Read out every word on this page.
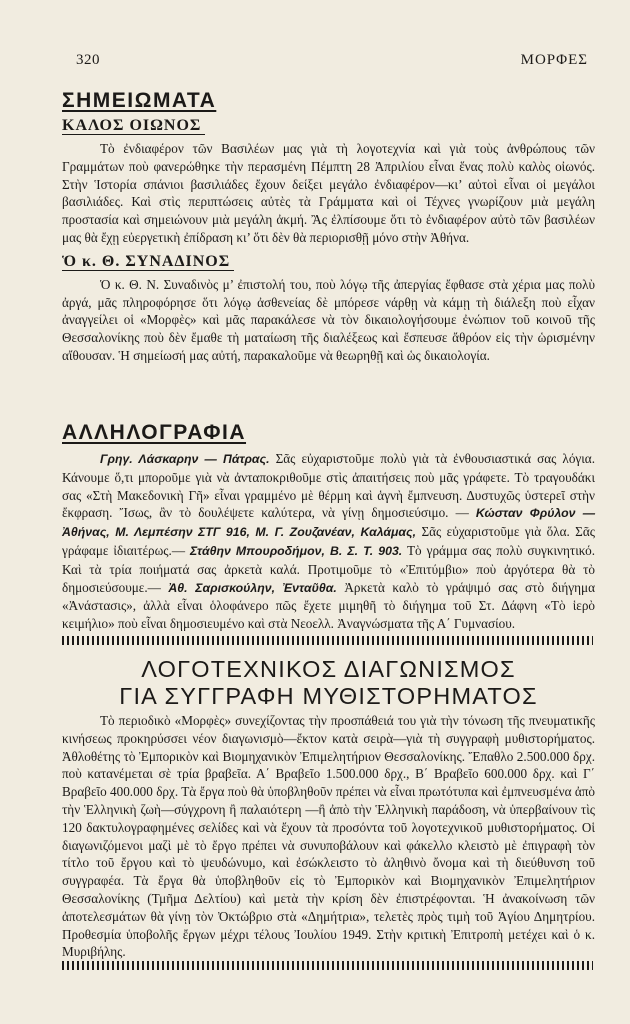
320	ΜΟΡΦΕΣ
ΣΗΜΕΙΩΜΑΤΑ
ΚΑΛΟΣ ΟΙΩΝΟΣ

Τὸ ἐνδιαφέρον τῶν Βασιλέων μας γιὰ τὴ λογοτεχνία καὶ γιὰ τοὺς ἀνθρώπους τῶν Γραμμάτων ποὺ φανερώθηκε τὴν περασμένη Πέμπτη 28 Ἀπριλίου εἶναι ἕνας πολὺ καλὸς οἰωνός. Στὴν Ἱστορία σπάνιοι βασιλιάδες ἔχουν δείξει μεγάλο ἐνδιαφέρον—κι’ αὐτοὶ εἶναι οἱ μεγάλοι βασιλιάδες. Καὶ στὶς περιπτώσεις αὐτὲς τὰ Γράμματα καὶ οἱ Τέχνες γνωρίζουν μιὰ μεγάλη προστασία καὶ σημειώνουν μιὰ μεγάλη ἀκμή. Ἂς ἐλπίσουμε ὅτι τὸ ἐνδιαφέρον αὐτὸ τῶν βασιλέων μας θὰ ἔχῃ εὐεργετικὴ ἐπίδραση κι’ ὅτι δὲν θὰ περιορισθῇ μόνο στὴν Ἀθήνα.

Ὁ κ. Θ. ΣΥΝΑΔΙΝΟΣ

Ὁ κ. Θ. Ν. Συναδινὸς μ’ ἐπιστολή του, ποὺ λόγῳ τῆς ἀπεργίας ἔφθασε στὰ χέρια μας πολὺ ἀργά, μᾶς πληροφόρησε ὅτι λόγῳ ἀσθενείας δὲ μπόρεσε νάρθῃ νὰ κάμῃ τὴ διάλεξη ποὺ εἶχαν ἀναγγείλει οἱ «Μορφὲς» καὶ μᾶς παρακάλεσε νὰ τὸν δικαιολογήσουμε ἐνώπιον τοῦ κοινοῦ τῆς Θεσσαλονίκης ποὺ δὲν ἔμαθε τὴ ματαίωση τῆς διαλέξεως καὶ ἔσπευσε ἄθρόον εἰς τὴν ὡρισμένην αἴθουσαν. Ἡ σημείωσή μας αὐτή, παρακαλοῦμε νὰ θεωρηθῇ καὶ ὡς δικαιολογία.

ΑΛΛΗΛΟΓΡΑΦΙΑ

Γρηγ. Λάσκαρην — Πάτρας. Σᾶς εὐχαριστοῦμε πολὺ γιὰ τὰ ἐνθουσιαστικά σας λόγια. Κάνουμε ὅ,τι μποροῦμε γιὰ νὰ ἀνταποκριθοῦμε στὶς ἀπαιτήσεις ποὺ μᾶς γράφετε. Τὸ τραγουδάκι σας «Στὴ Μακεδονικὴ Γῆ» εἶναι γραμμένο μὲ θέρμη καὶ ἁγνὴ ἔμπνευση. Δυστυχῶς ὑστερεῖ στὴν ἔκφραση. Ἴσως, ἂν τὸ δουλέψετε καλύτερα, νὰ γίνῃ δημοσιεύσιμο. — Κώσταν Φρύλον — Ἀθήνας, Μ. Λεμπέσην ΣΤΓ 916, Μ. Γ. Ζουζανέαν, Καλάμας, Σᾶς εὐχαριστοῦμε γιὰ ὅλα. Σᾶς γράφαμε ἰδιαιτέρως.— Στάθην Μπουροδήμον, Β. Σ. Τ. 903. Τὸ γράμμα σας πολὺ συγκινητικό. Καὶ τὰ τρία ποιήματά σας ἀρκετὰ καλά. Προτιμοῦμε τὸ «Ἐπιτύμβιο» ποὺ ἀργότερα θὰ τὸ δημοσιεύσουμε.— Ἀθ. Σαρισκούλην, Ἐνταῦθα. Ἀρκετὰ καλὸ τὸ γράψιμό σας στὸ διήγημα «Ἀνάστασις», ἀλλὰ εἶναι ὁλοφάνερο πῶς ἔχετε μιμηθῆ τὸ διήγημα τοῦ Στ. Δάφνη «Τὸ ἱερὸ κειμήλιο» ποὺ εἶναι δημοσιευμένο καὶ στὰ Νεοελλ. Ἀναγνώσματα τῆς Α΄ Γυμνασίου.

ΛΟΓΟΤΕΧΝΙΚΟΣ ΔΙΑΓΩΝΙΣΜΟΣ
ΓΙΑ ΣΥΓΓΡΑΦΗ ΜΥΘΙΣΤΟΡΗΜΑΤΟΣ

Τὸ περιοδικὸ «Μορφὲς» συνεχίζοντας τὴν προσπάθειά του γιὰ τὴν τόνωση τῆς πνευματικῆς κινήσεως προκηρύσσει νέον διαγωνισμὸ—ἔκτον κατὰ σειρὰ—γιὰ τὴ συγγραφὴ μυθιστορήματος. Ἀθλοθέτης τὸ Ἐμπορικὸν καὶ Βιομηχανικὸν Ἐπιμελητήριον Θεσσαλονίκης. Ἔπαθλο 2.500.000 δρχ. ποὺ κατανέμεται σὲ τρία βραβεῖα. Α΄ Βραβεῖο 1.500.000 δρχ., Β΄ Βραβεῖο 600.000 δρχ. καὶ Γ΄ Βραβεῖο 400.000 δρχ. Τὰ ἔργα ποὺ θὰ ὑποβληθοῦν πρέπει νὰ εἶναι πρωτότυπα καὶ ἐμπνευσμένα ἀπὸ τὴν Ἑλληνικὴ ζωὴ—σύγχρονη ἢ παλαιότερη —ἢ ἀπὸ τὴν Ἑλληνικὴ παράδοση, νὰ ὑπερβαίνουν τὶς 120 δακτυλογραφημένες σελίδες καὶ νὰ ἔχουν τὰ προσόντα τοῦ λογοτεχνικοῦ μυθιστορήματος. Οἱ διαγωνιζόμενοι μαζὶ μὲ τὸ ἔργο πρέπει νὰ συνυποβάλουν καὶ φάκελλο κλειστὸ μὲ ἐπιγραφὴ τὸν τίτλο τοῦ ἔργου καὶ τὸ ψευδώνυμο, καὶ ἐσώκλειστο τὸ ἀληθινὸ ὄνομα καὶ τὴ διεύθυνση τοῦ συγγραφέα. Τὰ ἔργα θὰ ὑποβληθοῦν εἰς τὸ Ἐμπορικὸν καὶ Βιομηχανικὸν Ἐπιμελητήριον Θεσσαλονίκης (Τμῆμα Δελτίου) καὶ μετὰ τὴν κρίση δὲν ἐπιστρέφονται. Ἡ ἀνακοίνωση τῶν ἀποτελεσμάτων θὰ γίνῃ τὸν Ὀκτώβριο στὰ «Δημήτρια», τελετὲς πρὸς τιμὴ τοῦ Ἁγίου Δημητρίου. Προθεσμία ὑποβολῆς ἔργων μέχρι τέλους Ἰουλίου 1949. Στὴν κριτικὴ Ἐπιτροπὴ μετέχει καὶ ὁ κ. Μυριβήλης.
